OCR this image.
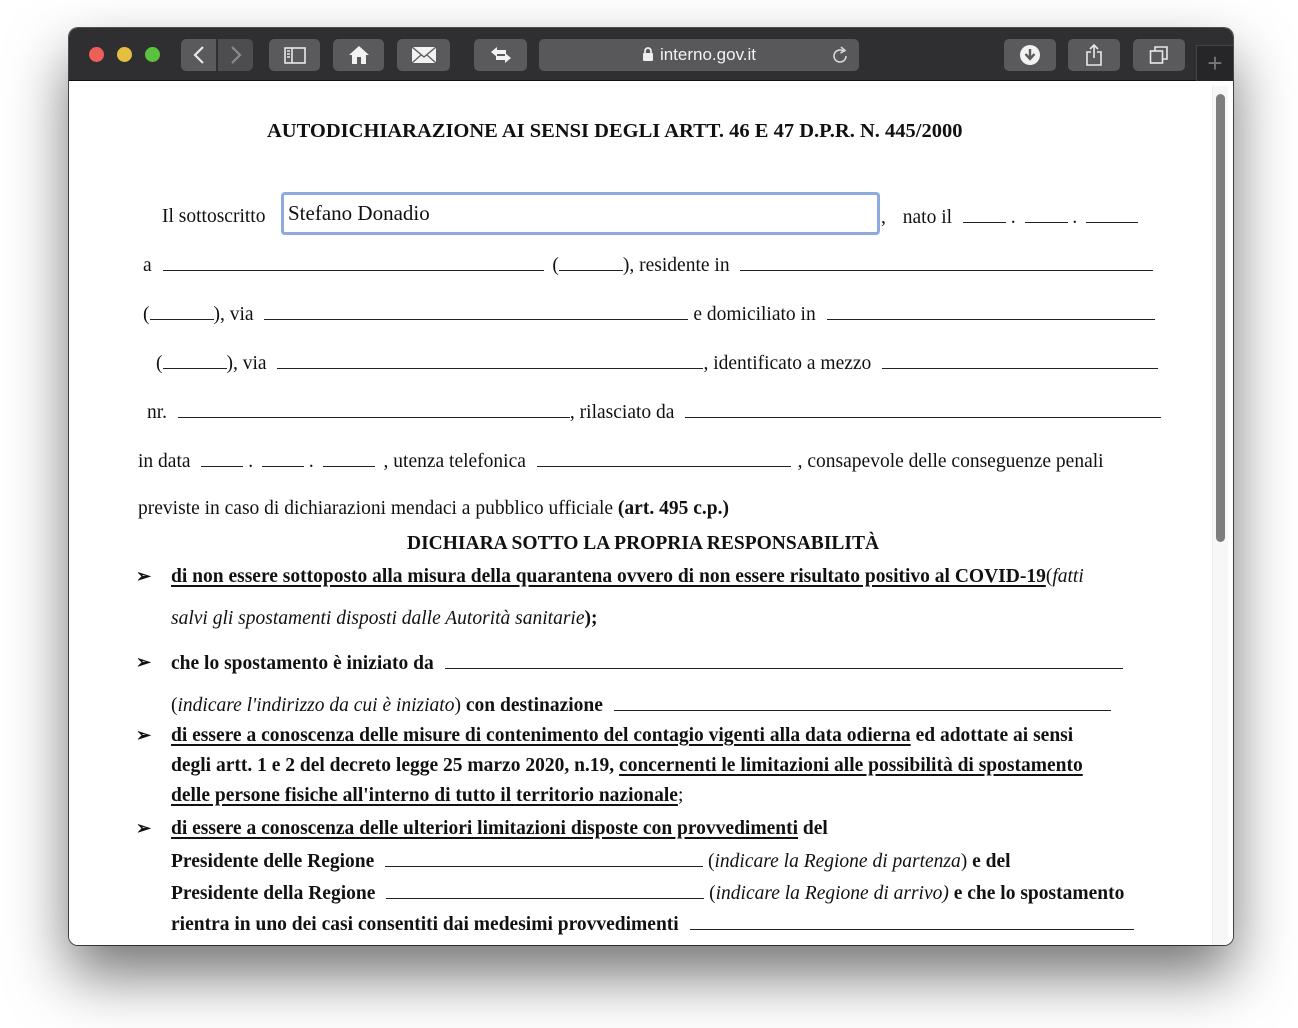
interno.gov.it	+
AUTODICHIARAZIONE AI SENSI DEGLI ARTT. 46 E 47 D.P.R. N. 445/2000
Il sottoscritto
Stefano Donadio	, nato il	.	.
a	(	), residente in
(	), via	e domiciliato in
(	), via	, identificato a mezzo
nr.	, rilasciato da
in data	.	.	, utenza telefonica	, consapevole delle conseguenze penali
previste in caso di dichiarazioni mendaci a pubblico ufficiale (art. 495 c.p.)
DICHIARA SOTTO LA PROPRIA RESPONSABILITÀ
➢ di non essere sottoposto alla misura della quarantena ovvero di non essere risultato positivo al COVID-19(fatti
salvi gli spostamenti disposti dalle Autorità sanitarie);
➢ che lo spostamento è iniziato da
(indicare l'indirizzo da cui è iniziato) con destinazione
➢ di essere a conoscenza delle misure di contenimento del contagio vigenti alla data odierna ed adottate ai sensi
degli artt. 1 e 2 del decreto legge 25 marzo 2020, n.19, concernenti le limitazioni alle possibilità di spostamento
delle persone fisiche all'interno di tutto il territorio nazionale;
➢ di essere a conoscenza delle ulteriori limitazioni disposte con provvedimenti del
Presidente delle Regione	(indicare la Regione di partenza) e del
Presidente della Regione	(indicare la Regione di arrivo) e che lo spostamento
rientra in uno dei casi consentiti dai medesimi provvedimenti
